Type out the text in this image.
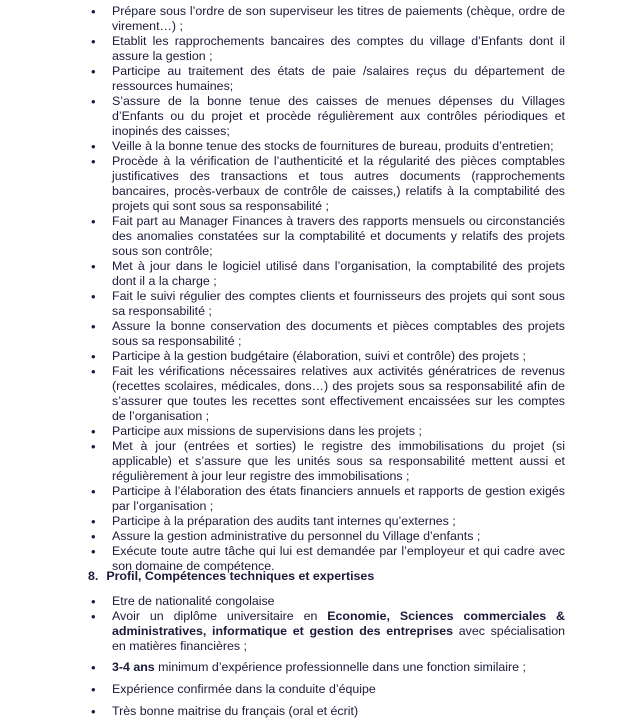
• Prépare sous l’ordre de son superviseur les titres de paiements (chèque, ordre de virement…) ;
• Etablit les rapprochements bancaires des comptes du village d’Enfants dont il assure la gestion ;
• Participe au traitement des états de paie /salaires reçus du département de ressources humaines;
• S’assure de la bonne tenue des caisses de menues dépenses du Villages d’Enfants ou du projet et procède régulièrement aux contrôles périodiques et inopinés des caisses;
• Veille à la bonne tenue des stocks de fournitures de bureau, produits d’entretien;
• Procède à la vérification de l’authenticité et la régularité des pièces comptables justificatives des transactions et tous autres documents (rapprochements bancaires, procès-verbaux de contrôle de caisses,) relatifs à la comptabilité des projets qui sont sous sa responsabilité ;
• Fait part au Manager Finances à travers des rapports mensuels ou circonstanciés des anomalies constatées sur la comptabilité et documents y relatifs des projets sous son contrôle;
• Met à jour dans le logiciel utilisé dans l’organisation, la comptabilité des projets dont il a la charge ;
• Fait le suivi régulier des comptes clients et fournisseurs des projets qui sont sous sa responsabilité ;
• Assure la bonne conservation des documents et pièces comptables des projets sous sa responsabilité ;
• Participe à la gestion budgétaire (élaboration, suivi et contrôle) des projets ;
• Fait les vérifications nécessaires relatives aux activités génératrices de revenus (recettes scolaires, médicales, dons…) des projets sous sa responsabilité afin de s’assurer que toutes les recettes sont effectivement encaissées sur les comptes de l’organisation ;
• Participe aux missions de supervisions dans les projets ;
• Met à jour (entrées et sorties) le registre des immobilisations du projet (si applicable) et s’assure que les unités sous sa responsabilité mettent aussi et régulièrement à jour leur registre des immobilisations ;
• Participe à l’élaboration des états financiers annuels et rapports de gestion exigés par l’organisation ;
• Participe à la préparation des audits tant internes qu’externes ;
• Assure la gestion administrative du personnel du Village d’enfants ;
• Exécute toute autre tâche qui lui est demandée par l’employeur et qui cadre avec son domaine de compétence.
8. Profil, Compétences techniques et expertises
• Etre de nationalité congolaise
• Avoir un diplôme universitaire en Economie, Sciences commerciales & administratives, informatique et gestion des entreprises avec spécialisation en matières financières ;
• 3-4 ans minimum d’expérience professionnelle dans une fonction similaire ;
• Expérience confirmée dans la conduite d’équipe
• Très bonne maitrise du français (oral et écrit)
